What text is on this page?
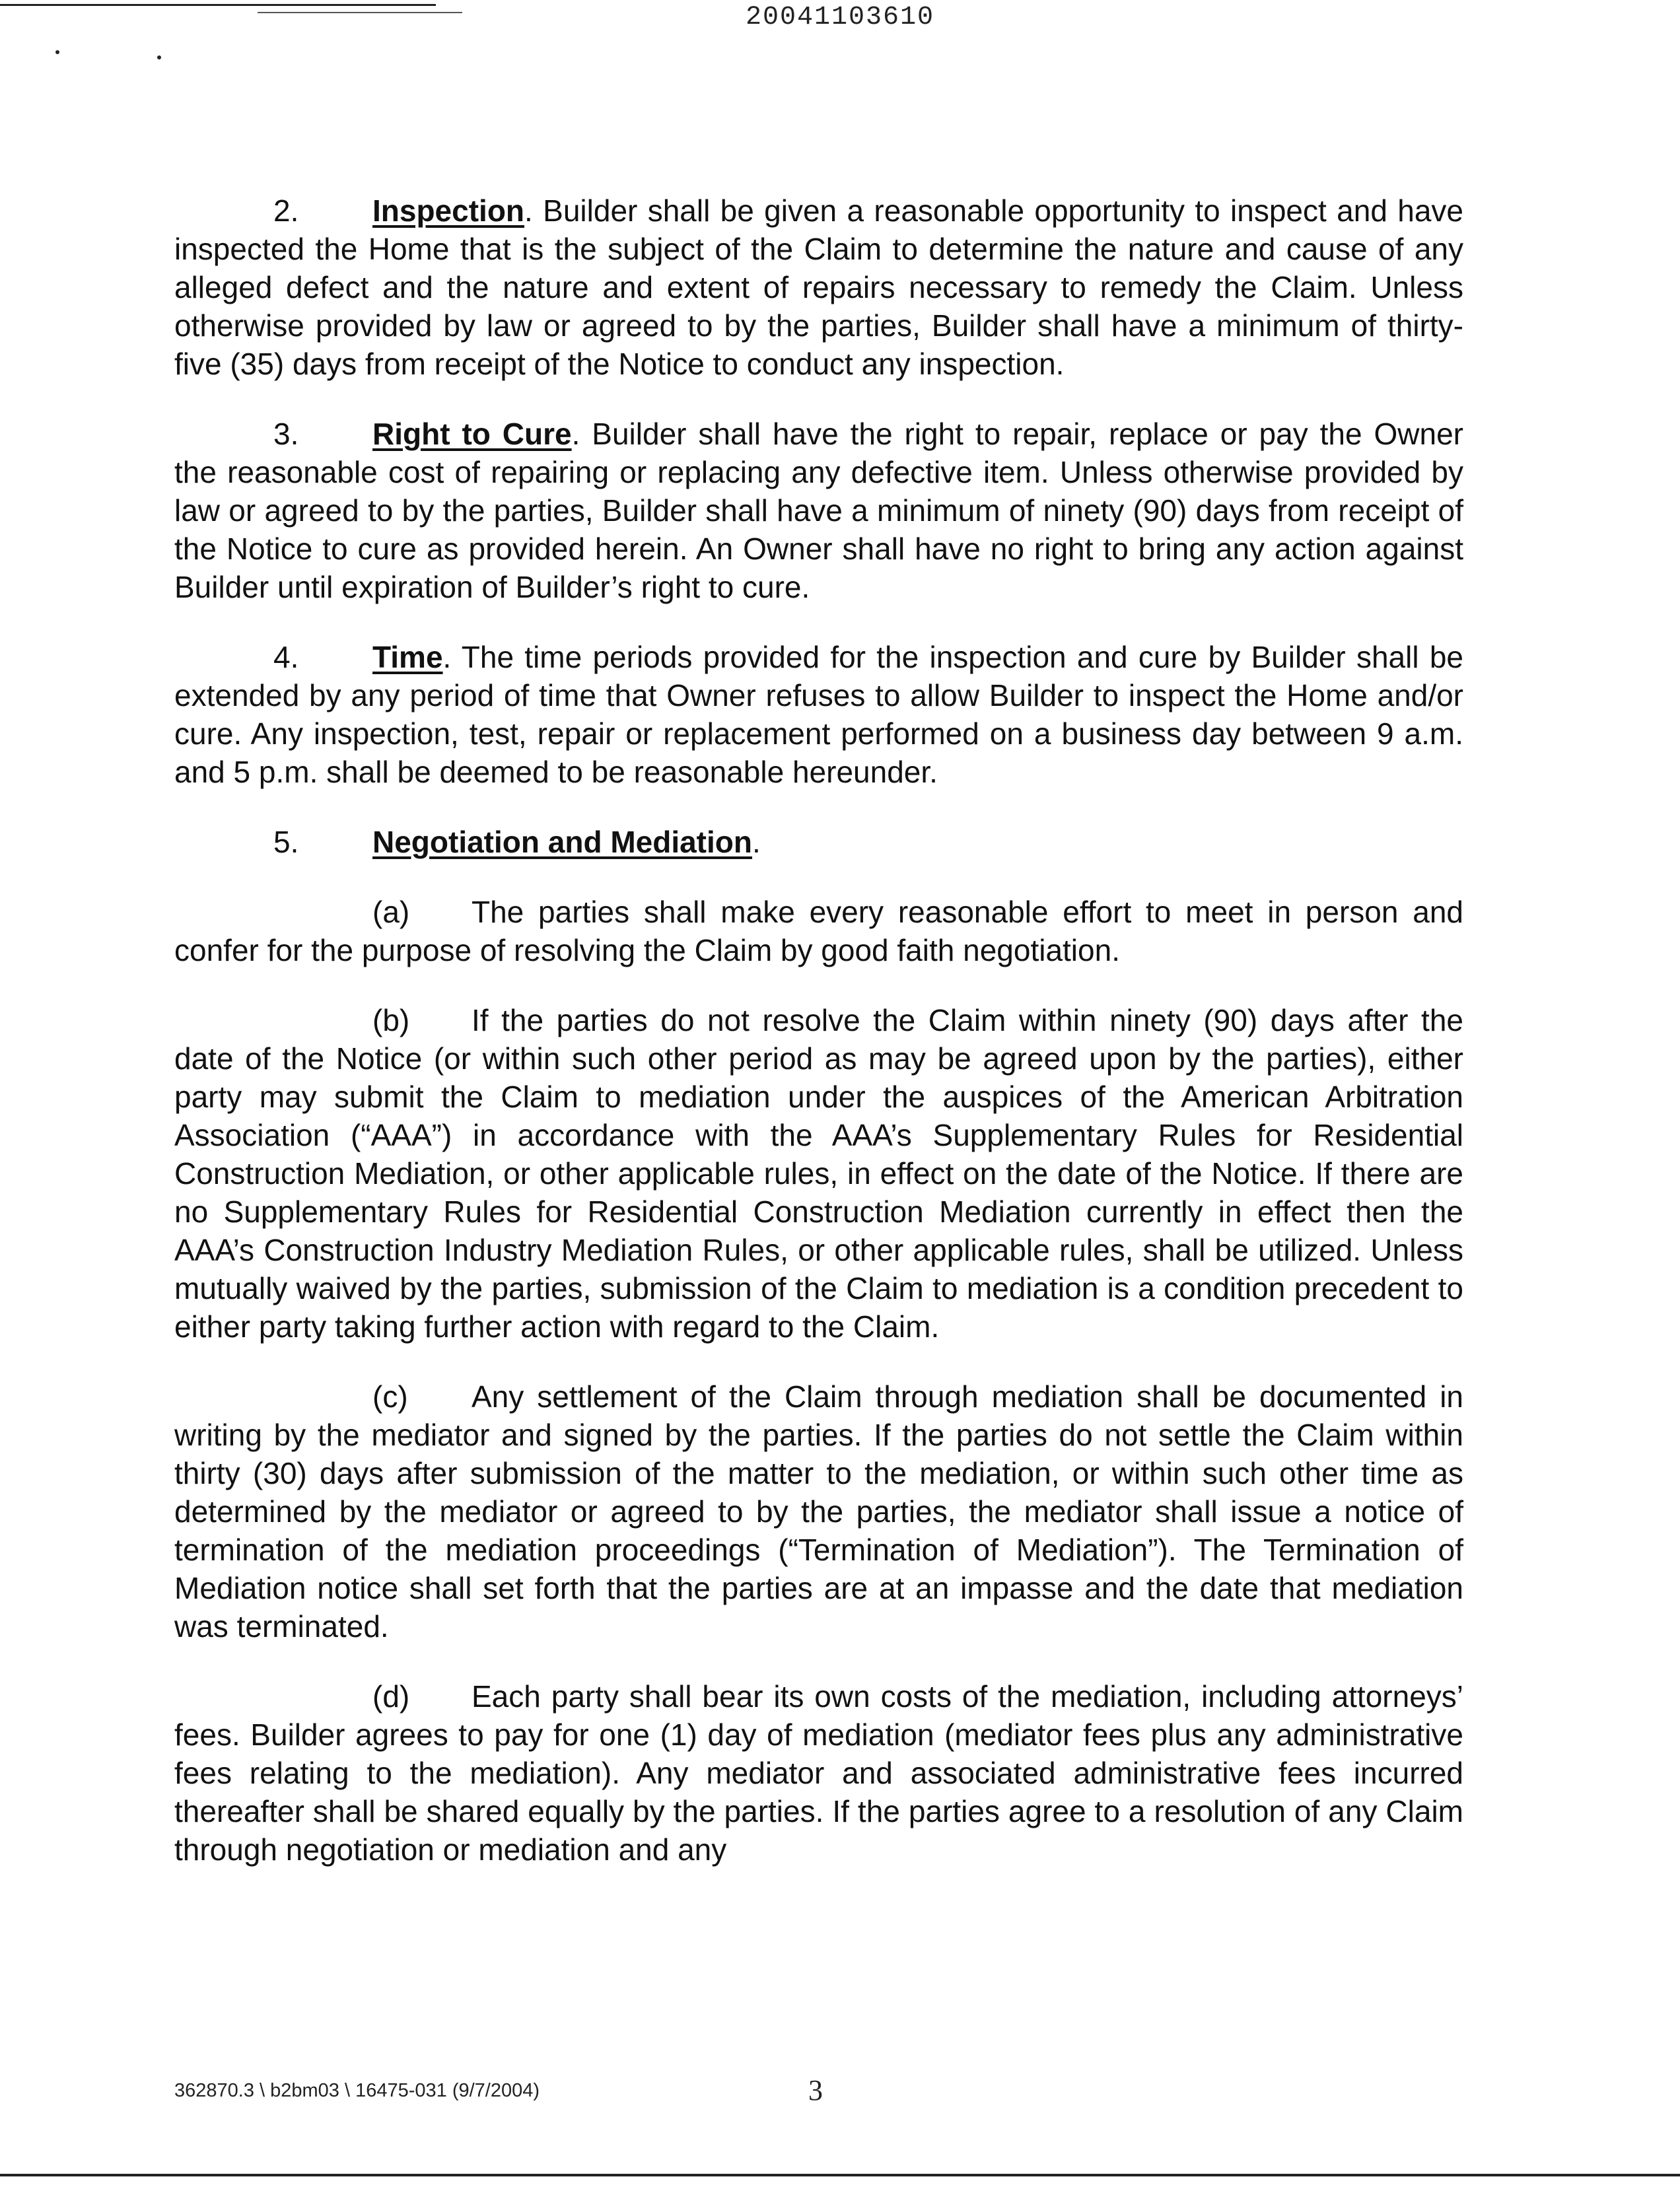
20041103610

2. Inspection. Builder shall be given a reasonable opportunity to inspect and have inspected the Home that is the subject of the Claim to determine the nature and cause of any alleged defect and the nature and extent of repairs necessary to remedy the Claim. Unless otherwise provided by law or agreed to by the parties, Builder shall have a minimum of thirty-five (35) days from receipt of the Notice to conduct any inspection.

3. Right to Cure. Builder shall have the right to repair, replace or pay the Owner the reasonable cost of repairing or replacing any defective item. Unless otherwise provided by law or agreed to by the parties, Builder shall have a minimum of ninety (90) days from receipt of the Notice to cure as provided herein. An Owner shall have no right to bring any action against Builder until expiration of Builder’s right to cure.

4. Time. The time periods provided for the inspection and cure by Builder shall be extended by any period of time that Owner refuses to allow Builder to inspect the Home and/or cure. Any inspection, test, repair or replacement performed on a business day between 9 a.m. and 5 p.m. shall be deemed to be reasonable hereunder.

5. Negotiation and Mediation.

(a) The parties shall make every reasonable effort to meet in person and confer for the purpose of resolving the Claim by good faith negotiation.

(b) If the parties do not resolve the Claim within ninety (90) days after the date of the Notice (or within such other period as may be agreed upon by the parties), either party may submit the Claim to mediation under the auspices of the American Arbitration Association (“AAA”) in accordance with the AAA’s Supplementary Rules for Residential Construction Mediation, or other applicable rules, in effect on the date of the Notice. If there are no Supplementary Rules for Residential Construction Mediation currently in effect then the AAA’s Construction Industry Mediation Rules, or other applicable rules, shall be utilized. Unless mutually waived by the parties, submission of the Claim to mediation is a condition precedent to either party taking further action with regard to the Claim.

(c) Any settlement of the Claim through mediation shall be documented in writing by the mediator and signed by the parties. If the parties do not settle the Claim within thirty (30) days after submission of the matter to the mediation, or within such other time as determined by the mediator or agreed to by the parties, the mediator shall issue a notice of termination of the mediation proceedings (“Termination of Mediation”). The Termination of Mediation notice shall set forth that the parties are at an impasse and the date that mediation was terminated.

(d) Each party shall bear its own costs of the mediation, including attorneys’ fees. Builder agrees to pay for one (1) day of mediation (mediator fees plus any administrative fees relating to the mediation). Any mediator and associated administrative fees incurred thereafter shall be shared equally by the parties. If the parties agree to a resolution of any Claim through negotiation or mediation and any

362870.3 \ b2bm03 \ 16475-031 (9/7/2004)	3
